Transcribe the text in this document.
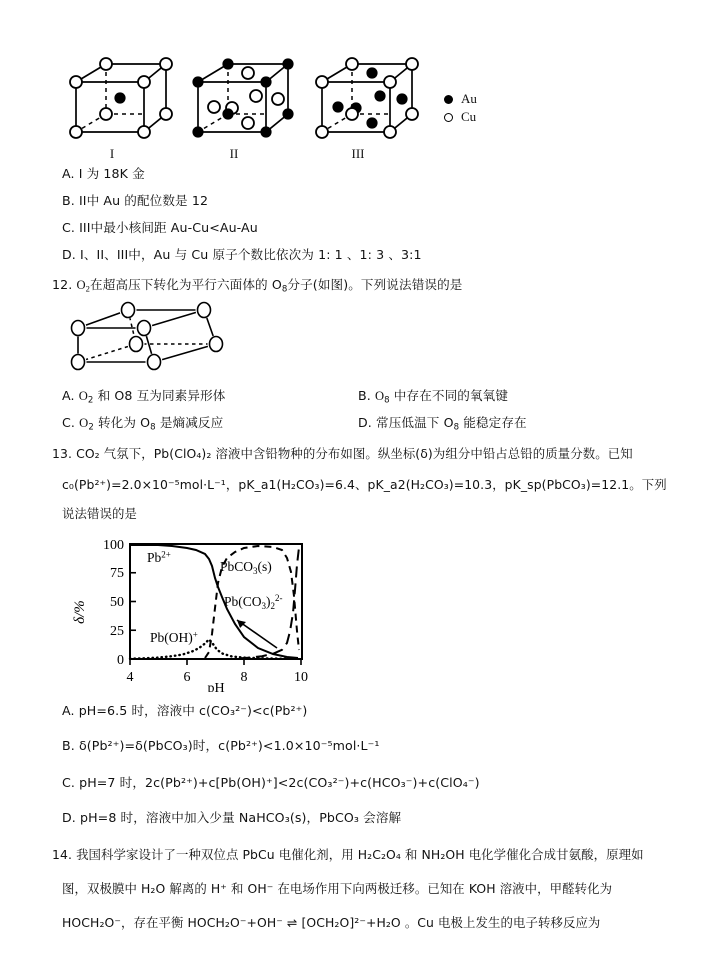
I	II	III
Au
Cu
A. I 为 18K 金
B. II中 Au 的配位数是 12
C. III中最小核间距 Au-Cu<Au-Au
D. I、II、III中，Au 与 Cu 原子个数比依次为 1: 1 、1: 3 、3:1
12. $O_2$在超高压下转化为平行六面体的 $O_8$分子(如图)。下列说法错误的是
A. $O_2$ 和 O8 互为同素异形体	B. $O_8$ 中存在不同的氧氧键
C. $O_2$ 转化为 $O_8$ 是熵减反应	D. 常压低温下 $O_8$ 能稳定存在
13. CO₂ 气氛下，Pb(ClO₄)₂ 溶液中含铅物种的分布如图。纵坐标(δ)为组分中铅占总铅的质量分数。已知
c₀(Pb²⁺)=2.0×10⁻⁵mol·L⁻¹，pK_a1(H₂CO₃)=6.4、pK_a2(H₂CO₃)=10.3，pK_sp(PbCO₃)=12.1。下列
说法错误的是
δ/%
100
75
50
25
0
4	6	8	10
pH
$Pb^{2+}$
PbCO$_3$(s)
$Pb(CO_3)_2^{2-}$
Pb(OH)+
A. pH=6.5 时，溶液中 c(CO₃²⁻)<c(Pb²⁺)
B. δ(Pb²⁺)=δ(PbCO₃)时，c(Pb²⁺)<1.0×10⁻⁵mol·L⁻¹
C. pH=7 时，2c(Pb²⁺)+c[Pb(OH)⁺]<2c(CO₃²⁻)+c(HCO₃⁻)+c(ClO₄⁻)
D. pH=8 时，溶液中加入少量 NaHCO₃(s)，PbCO₃ 会溶解
14. 我国科学家设计了一种双位点 PbCu 电催化剂，用 H₂C₂O₄ 和 NH₂OH 电化学催化合成甘氨酸，原理如
图，双极膜中 H₂O 解离的 H⁺ 和 OH⁻ 在电场作用下向两极迁移。已知在 KOH 溶液中，甲醛转化为
HOCH₂O⁻，存在平衡 HOCH₂O⁻+OH⁻ ⇌ [OCH₂O]²⁻+H₂O 。Cu 电极上发生的电子转移反应为
